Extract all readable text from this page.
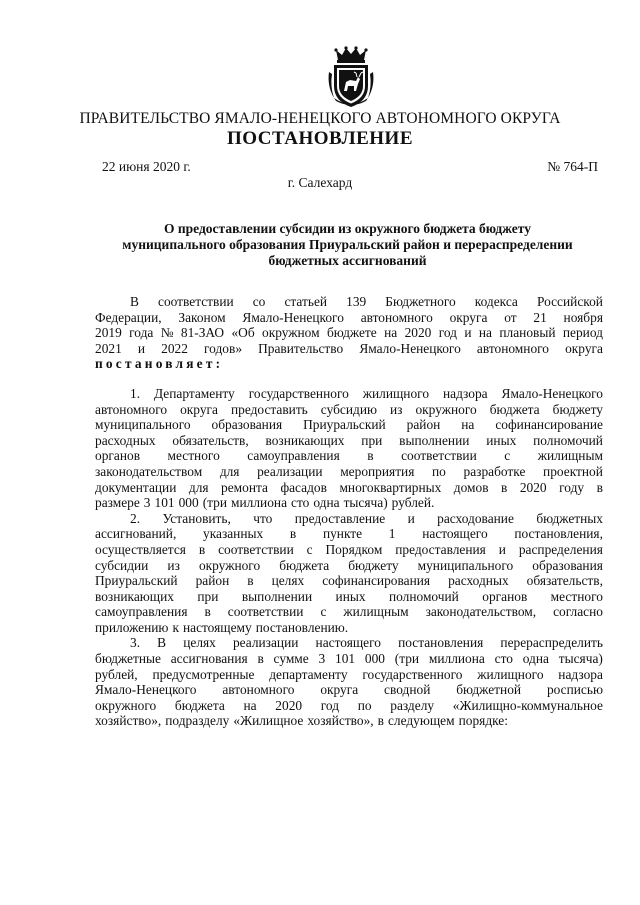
ПРАВИТЕЛЬСТВО ЯМАЛО-НЕНЕЦКОГО АВТОНОМНОГО ОКРУГА
ПОСТАНОВЛЕНИЕ
22 июня 2020 г.	№ 764-П
г. Салехард
О предоставлении субсидии из окружного бюджета бюджету
муниципального образования Приуральский район и перераспределении
бюджетных ассигнований
В соответствии со статьей 139 Бюджетного кодекса Российской
Федерации, Законом Ямало-Ненецкого автономного округа от 21 ноября
2019 года № 81-ЗАО «Об окружном бюджете на 2020 год и на плановый период
2021 и 2022 годов» Правительство Ямало-Ненецкого автономного округа
постановляет:
1. Департаменту государственного жилищного надзора Ямало-Ненецкого
автономного округа предоставить субсидию из окружного бюджета бюджету
муниципального образования Приуральский район на софинансирование
расходных обязательств, возникающих при выполнении иных полномочий
органов местного самоуправления в соответствии с жилищным
законодательством для реализации мероприятия по разработке проектной
документации для ремонта фасадов многоквартирных домов в 2020 году в
размере 3 101 000 (три миллиона сто одна тысяча) рублей.
2. Установить, что предоставление и расходование бюджетных
ассигнований, указанных в пункте 1 настоящего постановления,
осуществляется в соответствии с Порядком предоставления и распределения
субсидии из окружного бюджета бюджету муниципального образования
Приуральский район в целях софинансирования расходных обязательств,
возникающих при выполнении иных полномочий органов местного
самоуправления в соответствии с жилищным законодательством, согласно
приложению к настоящему постановлению.
3. В целях реализации настоящего постановления перераспределить
бюджетные ассигнования в сумме 3 101 000 (три миллиона сто одна тысяча)
рублей, предусмотренные департаменту государственного жилищного надзора
Ямало-Ненецкого автономного округа сводной бюджетной росписью
окружного бюджета на 2020 год по разделу «Жилищно-коммунальное
хозяйство», подразделу «Жилищное хозяйство», в следующем порядке:
